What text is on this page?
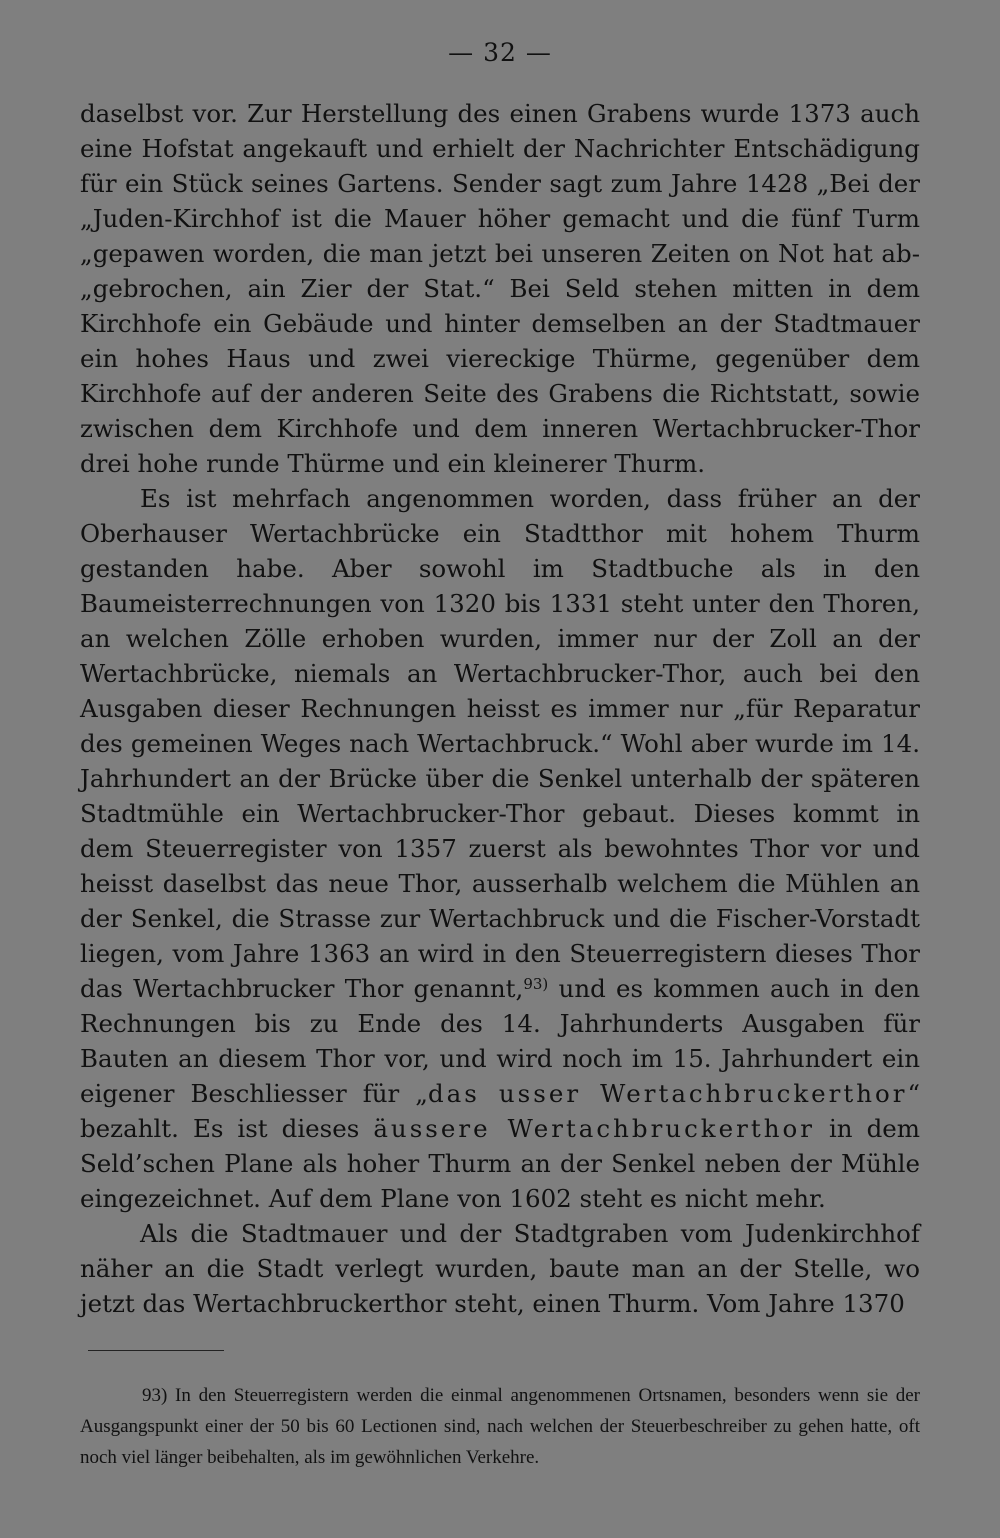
— 32 —

daselbst vor. Zur Herstellung des einen Grabens wurde 1373 auch eine Hofstat angekauft und erhielt der Nachrichter Entschädigung für ein Stück seines Gartens. Sender sagt zum Jahre 1428 „Bei der „Juden-Kirchhof ist die Mauer höher gemacht und die fünf Turm „gepawen worden, die man jetzt bei unseren Zeiten on Not hat ab- „gebrochen, ain Zier der Stat.“ Bei Seld stehen mitten in dem Kirchhofe ein Gebäude und hinter demselben an der Stadtmauer ein hohes Haus und zwei viereckige Thürme, gegenüber dem Kirchhofe auf der anderen Seite des Grabens die Richtstatt, sowie zwischen dem Kirchhofe und dem inneren Wertachbrucker-Thor drei hohe runde Thürme und ein kleinerer Thurm.

Es ist mehrfach angenommen worden, dass früher an der Oberhauser Wertachbrücke ein Stadtthor mit hohem Thurm gestanden habe. Aber sowohl im Stadtbuche als in den Baumeisterrechnungen von 1320 bis 1331 steht unter den Thoren, an welchen Zölle erhoben wurden, immer nur der Zoll an der Wertachbrücke, niemals an Wertachbrucker-Thor, auch bei den Ausgaben dieser Rechnungen heisst es immer nur „für Reparatur des gemeinen Weges nach Wertachbruck.“ Wohl aber wurde im 14. Jahrhundert an der Brücke über die Senkel unterhalb der späteren Stadtmühle ein Wertachbrucker-Thor gebaut. Dieses kommt in dem Steuerregister von 1357 zuerst als bewohntes Thor vor und heisst daselbst das neue Thor, ausserhalb welchem die Mühlen an der Senkel, die Strasse zur Wertachbruck und die Fischer-Vorstadt liegen, vom Jahre 1363 an wird in den Steuerregistern dieses Thor das Wertachbrucker Thor genannt,$^{93)}$ und es kommen auch in den Rechnungen bis zu Ende des 14. Jahrhunderts Ausgaben für Bauten an diesem Thor vor, und wird noch im 15. Jahrhundert ein eigener Beschliesser für „das usser Wertachbruckerthor“ bezahlt. Es ist dieses äussere Wertachbruckerthor in dem Seld’schen Plane als hoher Thurm an der Senkel neben der Mühle eingezeichnet. Auf dem Plane von 1602 steht es nicht mehr.

Als die Stadtmauer und der Stadtgraben vom Judenkirchhof näher an die Stadt verlegt wurden, baute man an der Stelle, wo jetzt das Wertachbruckerthor steht, einen Thurm. Vom Jahre 1370

93) In den Steuerregistern werden die einmal angenommenen Ortsnamen, besonders wenn sie der Ausgangspunkt einer der 50 bis 60 Lectionen sind, nach welchen der Steuerbeschreiber zu gehen hatte, oft noch viel länger beibehalten, als im gewöhnlichen Verkehre.
